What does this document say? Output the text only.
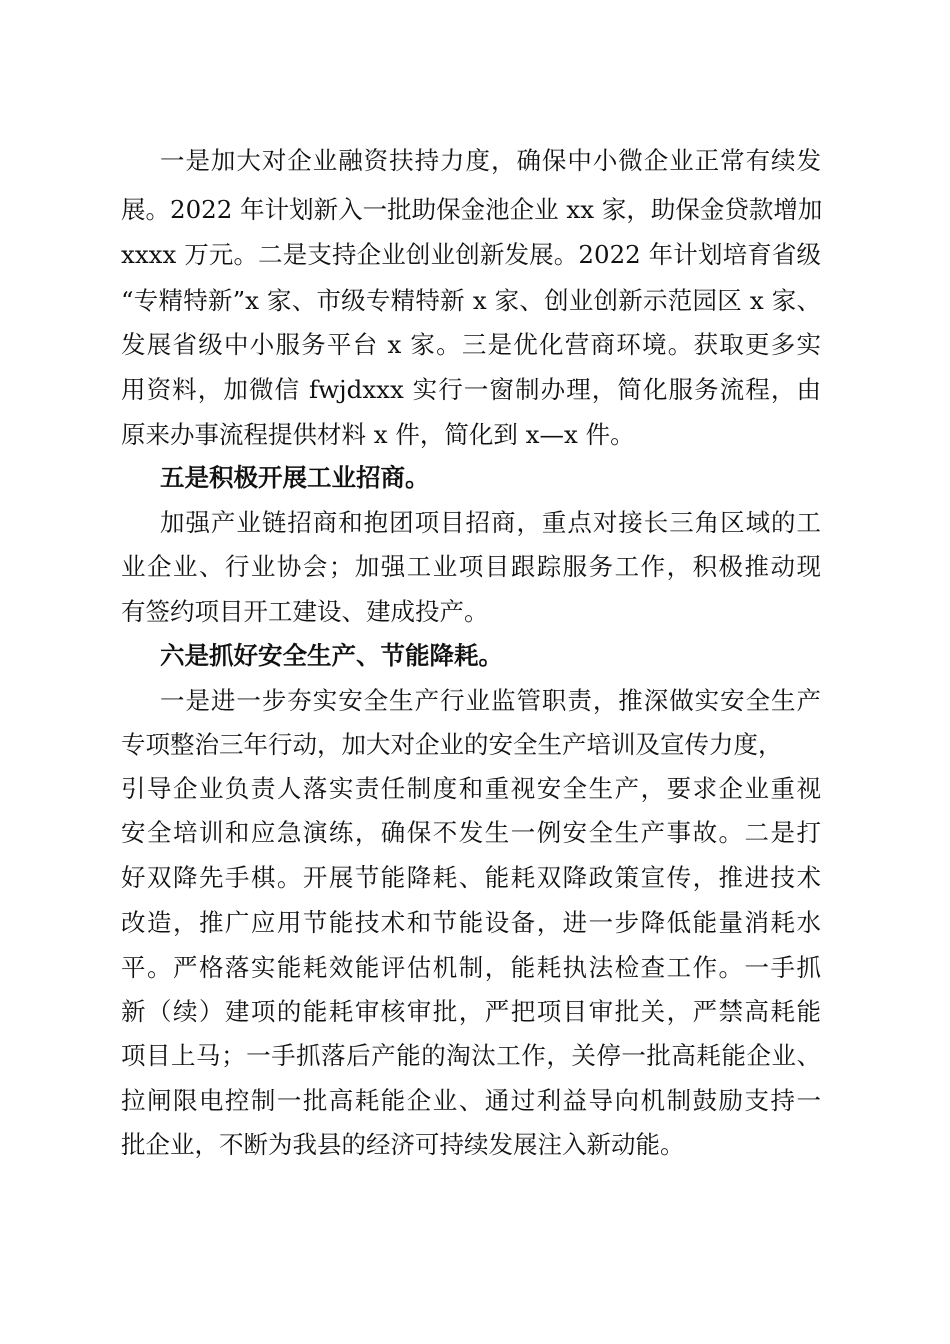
一是加大对企业融资扶持力度，确保中小微企业正常有续发
展。2022 年计划新入一批助保金池企业 xx 家，助保金贷款增加
xxxx 万元。二是支持企业创业创新发展。2022 年计划培育省级
“专精特新”x 家、市级专精特新 x 家、创业创新示范园区 x 家、
发展省级中小服务平台 x 家。三是优化营商环境。获取更多实
用资料，加微信 fwjdxxx 实行一窗制办理，简化服务流程，由
原来办事流程提供材料 x 件，简化到 x—x 件。
五是积极开展工业招商。
加强产业链招商和抱团项目招商，重点对接长三角区域的工
业企业、行业协会；加强工业项目跟踪服务工作，积极推动现
有签约项目开工建设、建成投产。
六是抓好安全生产、节能降耗。
一是进一步夯实安全生产行业监管职责，推深做实安全生产
专项整治三年行动，加大对企业的安全生产培训及宣传力度，
引导企业负责人落实责任制度和重视安全生产，要求企业重视
安全培训和应急演练，确保不发生一例安全生产事故。二是打
好双降先手棋。开展节能降耗、能耗双降政策宣传，推进技术
改造，推广应用节能技术和节能设备，进一步降低能量消耗水
平。严格落实能耗效能评估机制，能耗执法检查工作。一手抓
新（续）建项的能耗审核审批，严把项目审批关，严禁高耗能
项目上马；一手抓落后产能的淘汰工作，关停一批高耗能企业、
拉闸限电控制一批高耗能企业、通过利益导向机制鼓励支持一
批企业，不断为我县的经济可持续发展注入新动能。
